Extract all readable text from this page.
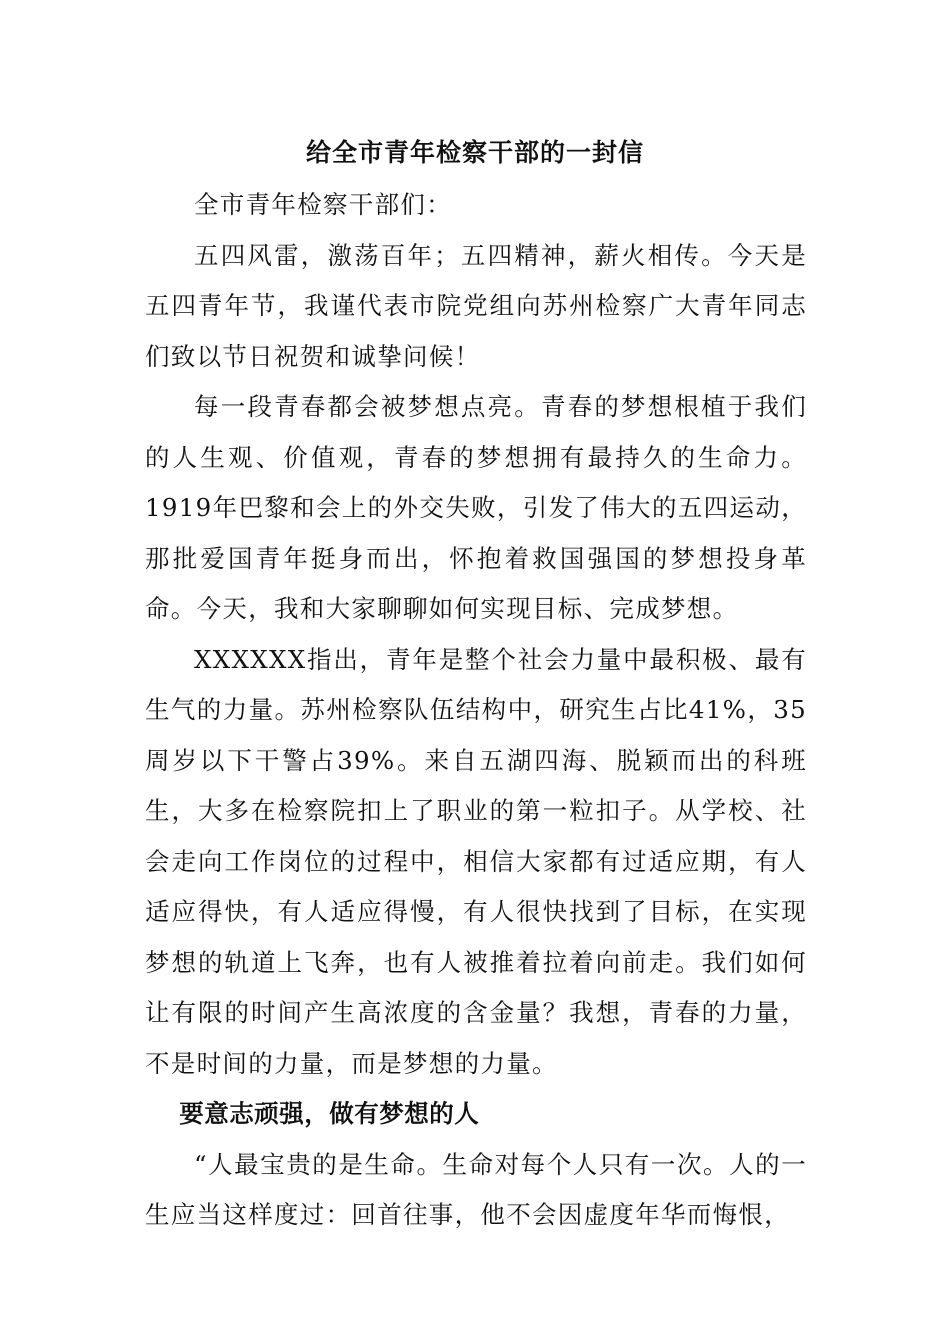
给全市青年检察干部的一封信

全市青年检察干部们：

五四风雷，激荡百年；五四精神，薪火相传。今天是五四青年节，我谨代表市院党组向苏州检察广大青年同志们致以节日祝贺和诚挚问候！

每一段青春都会被梦想点亮。青春的梦想根植于我们的人生观、价值观，青春的梦想拥有最持久的生命力。1919年巴黎和会上的外交失败，引发了伟大的五四运动，那批爱国青年挺身而出，怀抱着救国强国的梦想投身革命。今天，我和大家聊聊如何实现目标、完成梦想。

XXXXXX指出，青年是整个社会力量中最积极、最有生气的力量。苏州检察队伍结构中，研究生占比41%，35周岁以下干警占39%。来自五湖四海、脱颖而出的科班生，大多在检察院扣上了职业的第一粒扣子。从学校、社会走向工作岗位的过程中，相信大家都有过适应期，有人适应得快，有人适应得慢，有人很快找到了目标，在实现梦想的轨道上飞奔，也有人被推着拉着向前走。我们如何让有限的时间产生高浓度的含金量？我想，青春的力量，不是时间的力量，而是梦想的力量。

要意志顽强，做有梦想的人

“人最宝贵的是生命。生命对每个人只有一次。人的一生应当这样度过：回首往事，他不会因虚度年华而悔恨，
